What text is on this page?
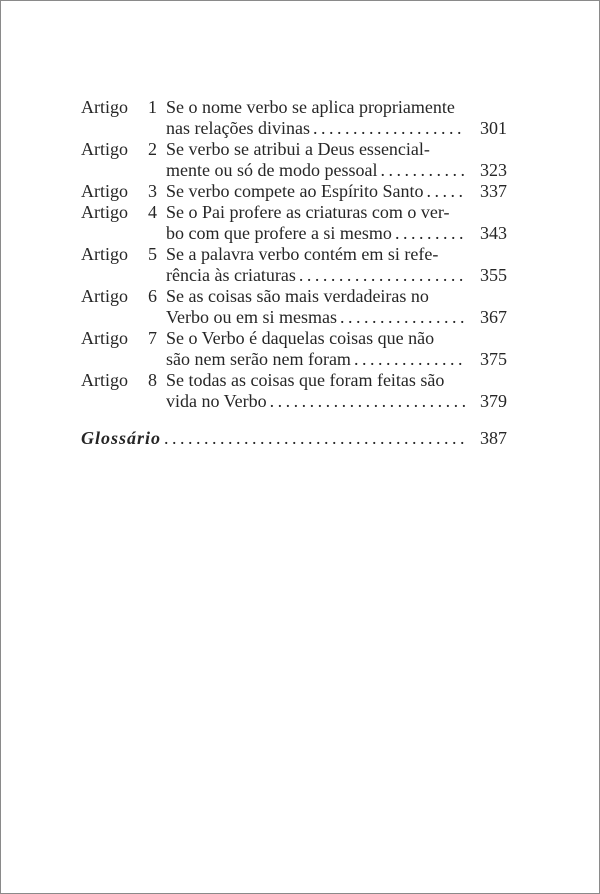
Artigo	1 Se o nome verbo se aplica propriamente
nas relações divinas .....	301
Artigo	2 Se verbo se atribui a Deus essencial-
mente ou só de modo pessoal .....	323
Artigo	3 Se verbo compete ao Espírito Santo .....	337
Artigo	4 Se o Pai profere as criaturas com o ver-
bo com que profere a si mesmo .....	343
Artigo	5 Se a palavra verbo contém em si refe-
rência às criaturas .....	355
Artigo	6 Se as coisas são mais verdadeiras no
Verbo ou em si mesmas .....	367
Artigo	7 Se o Verbo é daquelas coisas que não
são nem serão nem foram .....	375
Artigo	8 Se todas as coisas que foram feitas são
vida no Verbo .....	379
Glossário .....	387
